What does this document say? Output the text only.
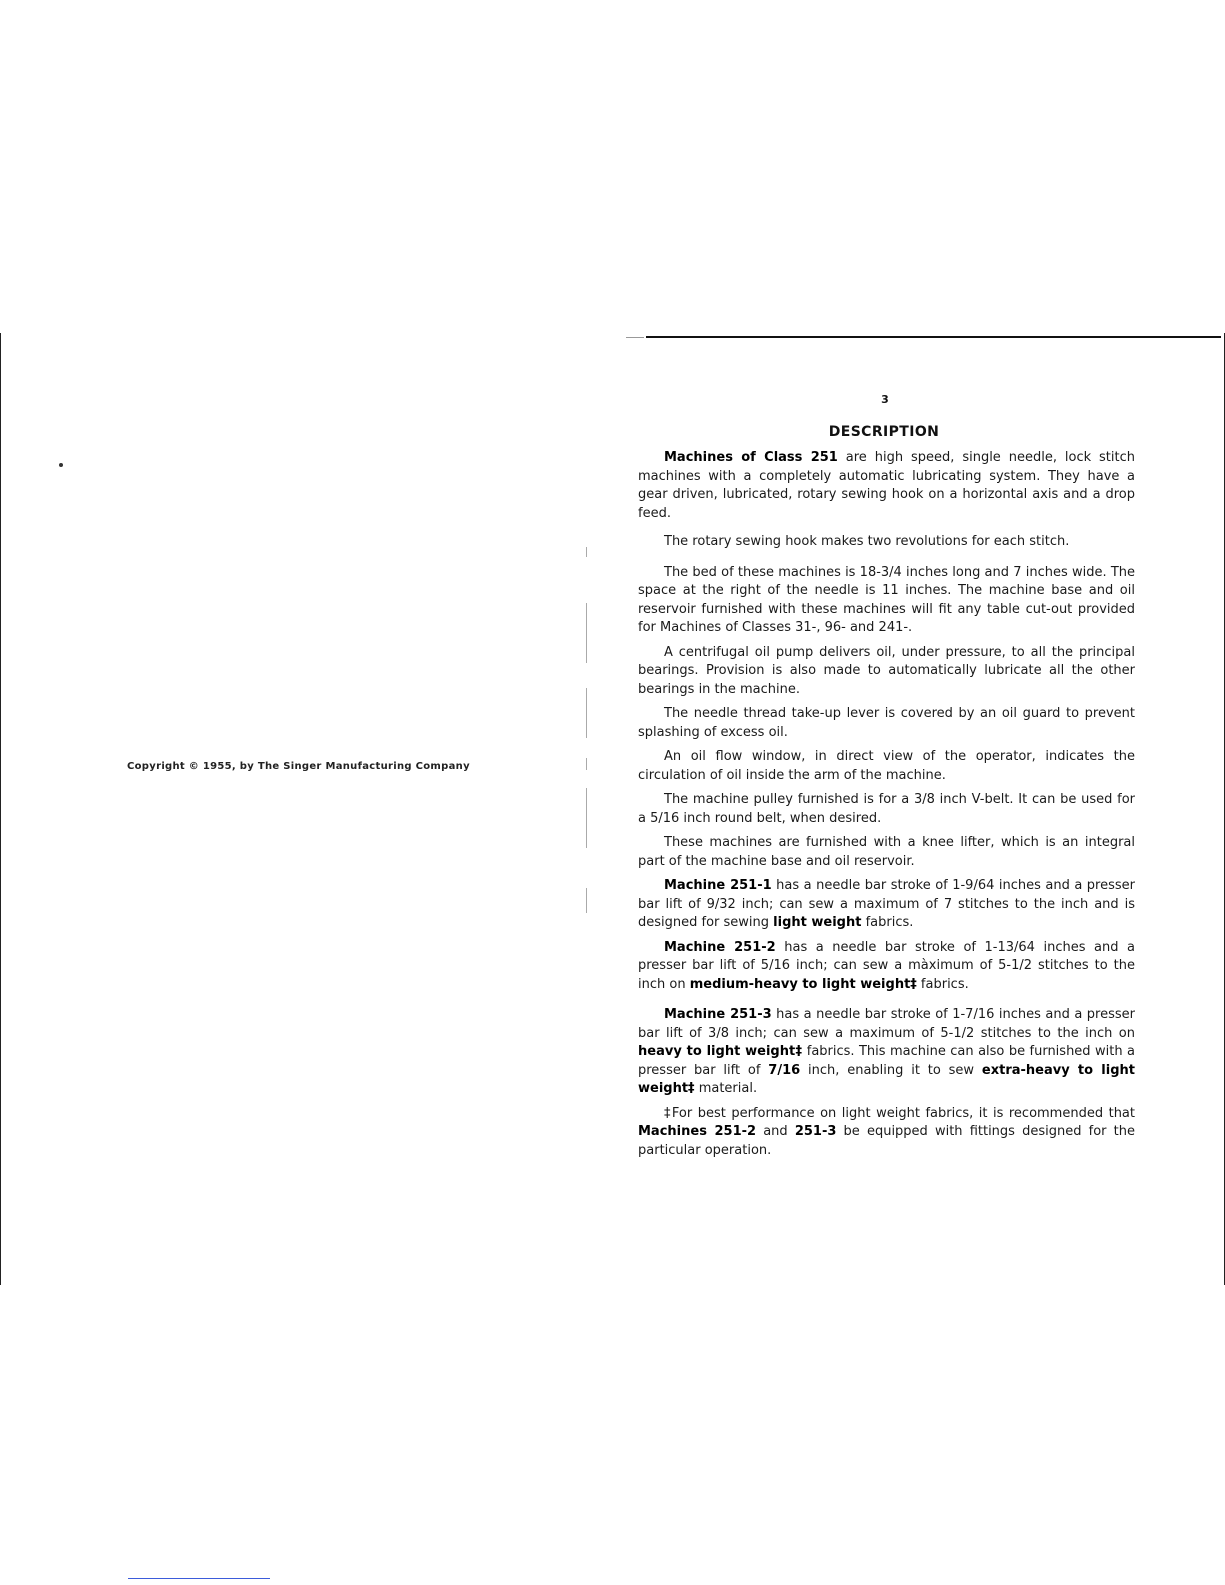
Copyright © 1955, by The Singer Manufacturing Company

3

DESCRIPTION

Machines of Class 251 are high speed, single needle, lock stitch machines with a completely automatic lubricating system. They have a gear driven, lubricated, rotary sewing hook on a horizontal axis and a drop feed.

The rotary sewing hook makes two revolutions for each stitch.

The bed of these machines is 18-3/4 inches long and 7 inches wide. The space at the right of the needle is 11 inches. The machine base and oil reservoir furnished with these machines will fit any table cut-out provided for Machines of Classes 31-, 96- and 241-.

A centrifugal oil pump delivers oil, under pressure, to all the principal bearings. Provision is also made to automatically lubricate all the other bearings in the machine.

The needle thread take-up lever is covered by an oil guard to prevent splashing of excess oil.

An oil flow window, in direct view of the operator, indicates the circulation of oil inside the arm of the machine.

The machine pulley furnished is for a 3/8 inch V-belt. It can be used for a 5/16 inch round belt, when desired.

These machines are furnished with a knee lifter, which is an integral part of the machine base and oil reservoir.

Machine 251-1 has a needle bar stroke of 1-9/64 inches and a presser bar lift of 9/32 inch; can sew a maximum of 7 stitches to the inch and is designed for sewing light weight fabrics.

Machine 251-2 has a needle bar stroke of 1-13/64 inches and a presser bar lift of 5/16 inch; can sew a màximum of 5-1/2 stitches to the inch on medium-heavy to light weight‡ fabrics.

Machine 251-3 has a needle bar stroke of 1-7/16 inches and a presser bar lift of 3/8 inch; can sew a maximum of 5-1/2 stitches to the inch on heavy to light weight‡ fabrics. This machine can also be furnished with a presser bar lift of 7/16 inch, enabling it to sew extra-heavy to light weight‡ material.

‡For best performance on light weight fabrics, it is recommended that Machines 251-2 and 251-3 be equipped with fittings designed for the particular operation.
